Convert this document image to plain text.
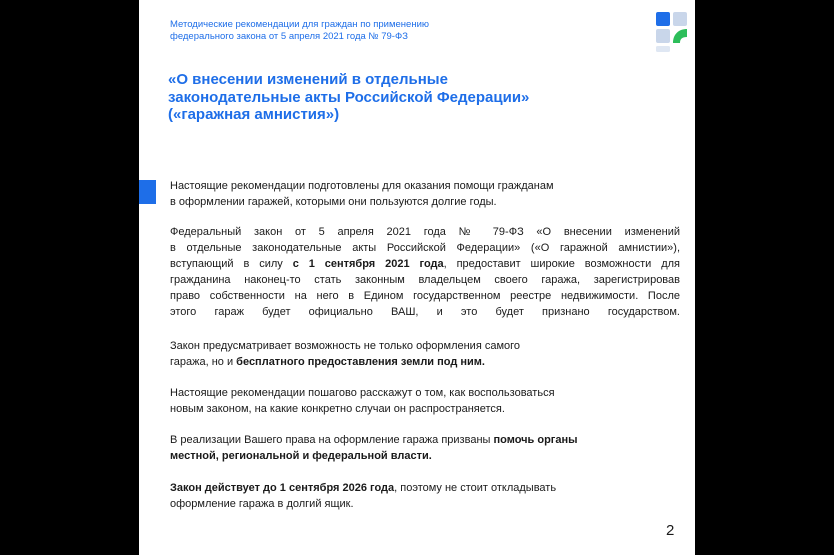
Методические рекомендации для граждан по применению
федерального закона от 5 апреля 2021 года № 79-ФЗ
«О внесении изменений в отдельные
законодательные акты Российской Федерации»
(«гаражная амнистия»)
Настоящие рекомендации подготовлены для оказания помощи гражданам
в оформлении гаражей, которыми они пользуются долгие годы.
Федеральный закон от 5 апреля 2021 года № 79-ФЗ «О внесении изменений
в отдельные законодательные акты Российской Федерации» («О гаражной амнистии»),
вступающий в силу с 1 сентября 2021 года, предоставит широкие возможности для
гражданина наконец-то стать законным владельцем своего гаража, зарегистрировав
право собственности на него в Едином государственном реестре недвижимости. После
этого гараж будет официально ВАШ, и это будет признано государством.
Закон предусматривает возможность не только оформления самого
гаража, но и бесплатного предоставления земли под ним.
Настоящие рекомендации пошагово расскажут о том, как воспользоваться
новым законом, на какие конкретно случаи он распространяется.
В реализации Вашего права на оформление гаража призваны помочь органы
местной, региональной и федеральной власти.
Закон действует до 1 сентября 2026 года, поэтому не стоит откладывать
оформление гаража в долгий ящик.
2
